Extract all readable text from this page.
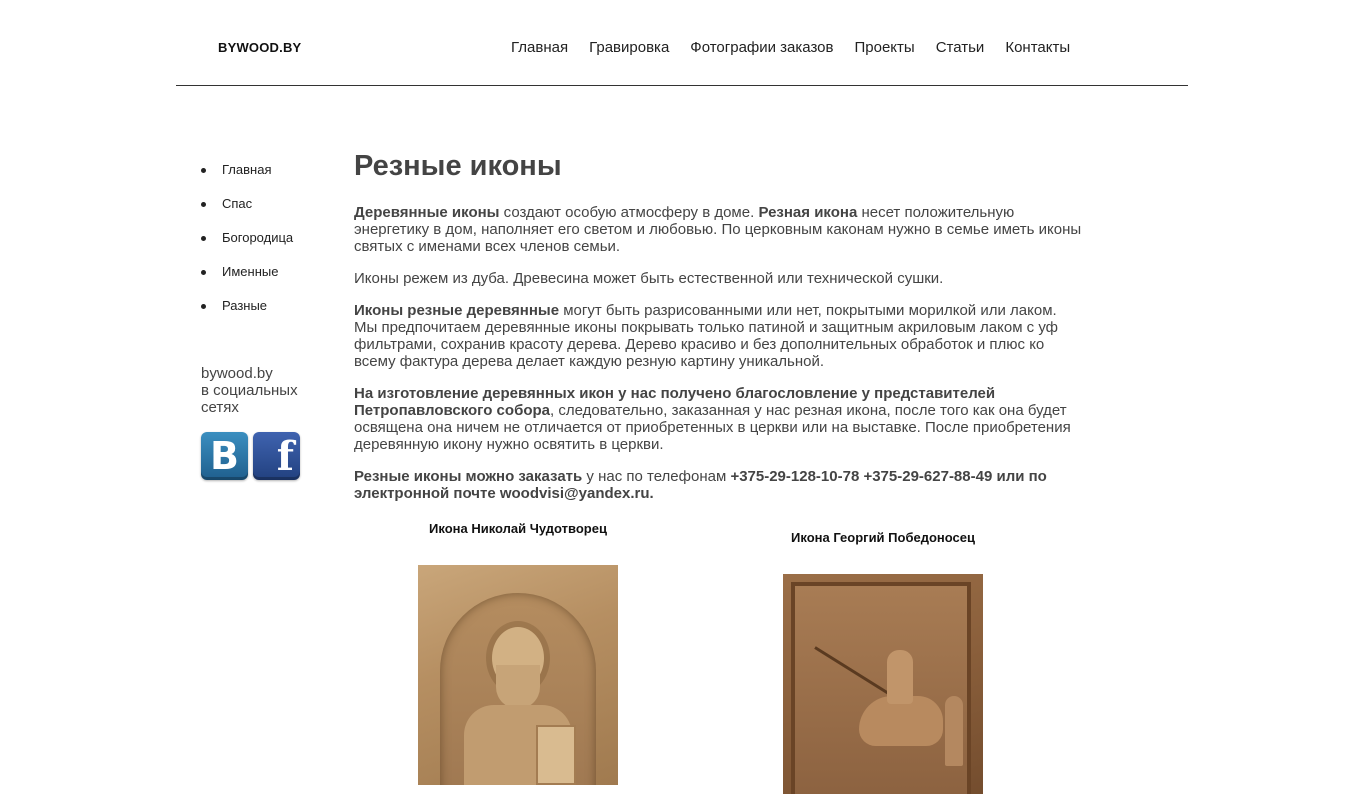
BYWOOD.BY	Главная Гравировка Фотографии заказов Проекты Статьи Контакты
Главная
Спас
Богородица
Именные
Разные
bywood.by
в социальных
сетях
B f
Резные иконы

Деревянные иконы создают особую атмосферу в доме. Резная икона несет положительную энергетику в дом, наполняет его светом и любовью. По церковным каконам нужно в семье иметь иконы святых с именами всех членов семьи.

Иконы режем из дуба. Древесина может быть естественной или технической сушки.

Иконы резные деревянные могут быть разрисованными или нет, покрытыми морилкой или лаком. Мы предпочитаем деревянные иконы покрывать только патиной и защитным акриловым лаком с уф фильтрами, сохранив красоту дерева. Дерево красиво и без дополнительных обработок и плюс ко всему фактура дерева делает каждую резную картину уникальной.

На изготовление деревянных икон у нас получено благословление у представителей Петропавловского собора, следовательно, заказанная у нас резная икона, после того как она будет освящена она ничем не отличается от приобретенных в церкви или на выставке. После приобретения деревянную икону нужно освятить в церкви.

Резные иконы можно заказать у нас по телефонам +375-29-128-10-78 +375-29-627-88-49 или по электронной почте woodvisi@yandex.ru.

Икона Николай Чудотворец
Икона Георгий Победоносец
